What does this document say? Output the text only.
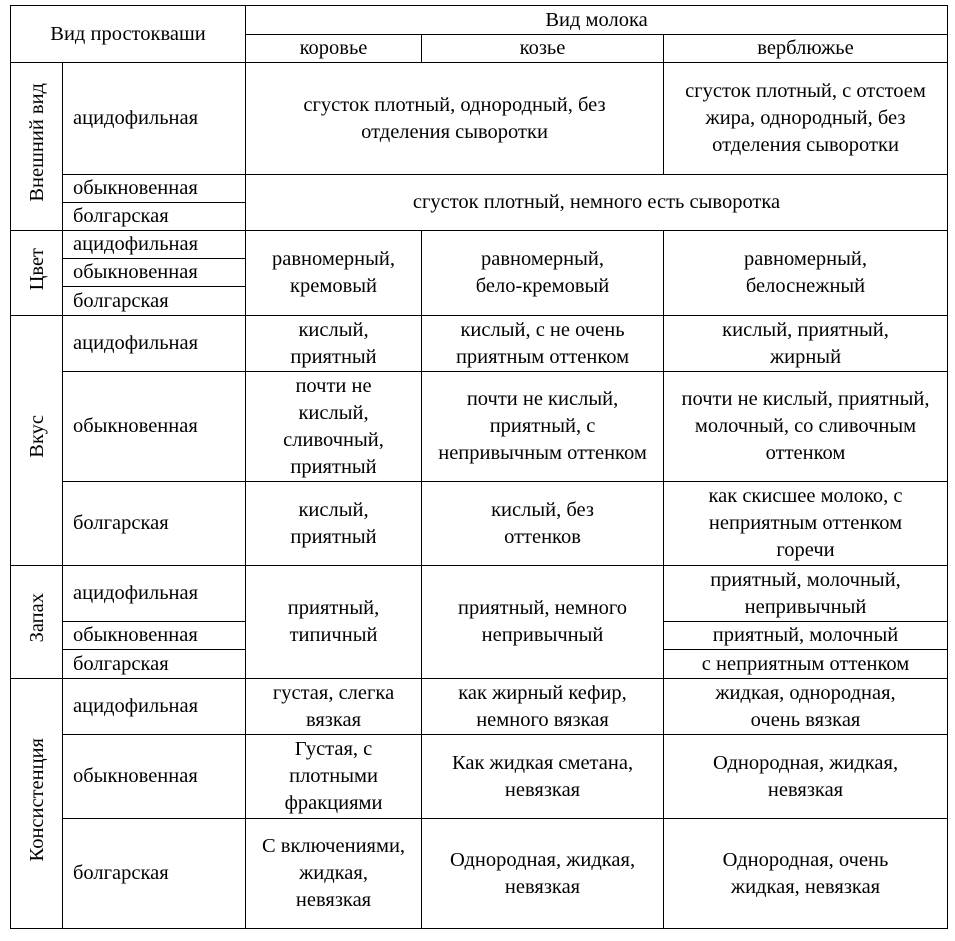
Вид простокваши		Вид молока		
		коровье	козье	верблюжье
Внешний вид	ацидофильная	сгусток плотный, однородный, без отделения сыворотки		сгусток плотный, с отстоем жира, однородный, без отделения сыворотки
	обыкновенная	сгусток плотный, немного есть сыворотка		
	болгарская			
Цвет	ацидофильная	равномерный, кремовый	равномерный, бело-кремовый	равномерный, белоснежный
	обыкновенная			
	болгарская			
Вкус	ацидофильная	кислый, приятный	кислый, с не очень приятным оттенком	кислый, приятный, жирный
	обыкновенная	почти не кислый, сливочный, приятный	почти не кислый, приятный, с непривычным оттенком	почти не кислый, приятный, молочный, со сливочным оттенком
	болгарская	кислый, приятный	кислый, без оттенков	как скисшее молоко, с неприятным оттенком горечи
Запах	ацидофильная	приятный, типичный	приятный, немного непривычный	приятный, молочный, непривычный
	обыкновенная			приятный, молочный
	болгарская			с неприятным оттенком
Консистенция	ацидофильная	густая, слегка вязкая	как жирный кефир, немного вязкая	жидкая, однородная, очень вязкая
	обыкновенная	Густая, с плотными фракциями	Как жидкая сметана, невязкая	Однородная, жидкая, невязкая
	болгарская	С включениями, жидкая, невязкая	Однородная, жидкая, невязкая	Однородная, очень жидкая, невязкая
